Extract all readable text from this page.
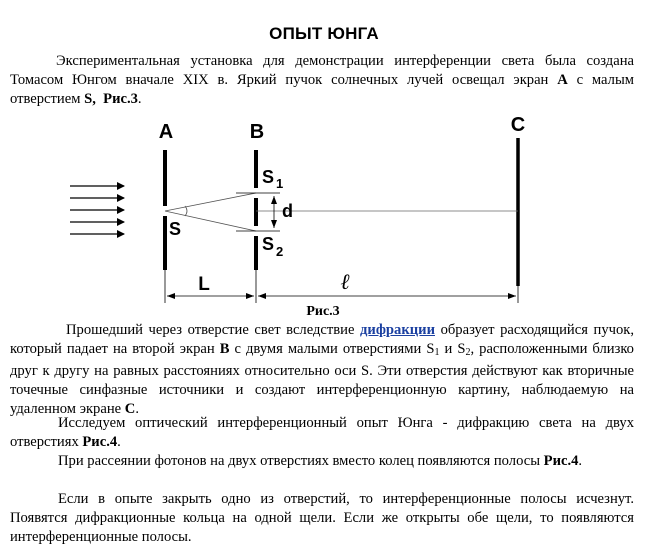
ОПЫТ ЮНГА

Экспериментальная установка для демонстрации интерференции света была создана Томасом Юнгом вначале XIX в. Яркий пучок солнечных лучей освещал экран A с малым отверстием S, Рис.3.

A	B	C
S
S 1
S 2
d
L	ℓ
Рис.3

Прошедший через отверстие свет вследствие дифракции образует расходящийся пучок, который падает на второй экран B с двумя малыми отверстиями $S_1$ и $S_2$, расположенными близко друг к другу на равных расстояниях относительно оси S. Эти отверстия действуют как вторичные точечные синфазные источники и создают интерференционную картину, наблюдаемую на удаленном экране C.

Исследуем оптический интерференционный опыт Юнга - дифракцию света на двух отверстиях Рис.4.

При рассеянии фотонов на двух отверстиях вместо колец появляются полосы Рис.4.

Если в опыте закрыть одно из отверстий, то интерференционные полосы исчезнут. Появятся дифракционные кольца на одной щели. Если же открыты обе щели, то появляются интерференционные полосы.
